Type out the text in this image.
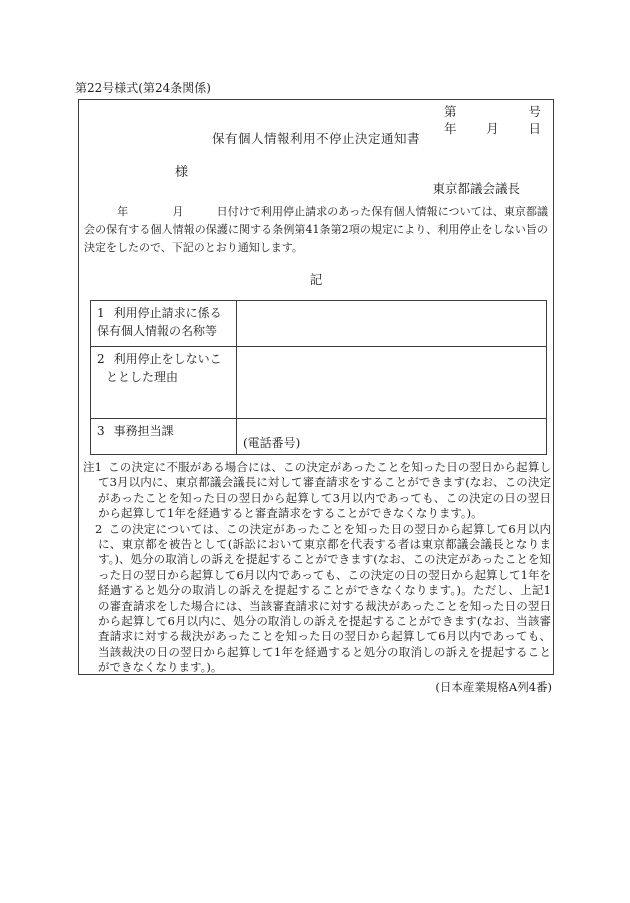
第22号様式(第24条関係)
第	号
年 月 日
保有個人情報利用不停止決定通知書
様
東京都議会議長
　　　年　　　　月　　　日付けで利用停止請求のあった保有個人情報については、東京都議会の保有する個人情報の保護に関する条例第41条第2項の規定により、利用停止をしない旨の決定をしたので、下記のとおり通知します。
記
1 利用停止請求に係る
保有個人情報の名称等	

2 利用停止をしないこ
ととした理由	

3 事務担当課	(電話番号)
注1 この決定に不服がある場合には、この決定があったことを知った日の翌日から起算して3月以内に、東京都議会議長に対して審査請求をすることができます(なお、この決定があったことを知った日の翌日から起算して3月以内であっても、この決定の日の翌日から起算して1年を経過すると審査請求をすることができなくなります。)。
2 この決定については、この決定があったことを知った日の翌日から起算して6月以内に、東京都を被告として(訴訟において東京都を代表する者は東京都議会議長となります。)、処分の取消しの訴えを提起することができます(なお、この決定があったことを知った日の翌日から起算して6月以内であっても、この決定の日の翌日から起算して1年を経過すると処分の取消しの訴えを提起することができなくなります。)。ただし、上記1の審査請求をした場合には、当該審査請求に対する裁決があったことを知った日の翌日から起算して6月以内に、処分の取消しの訴えを提起することができます(なお、当該審査請求に対する裁決があったことを知った日の翌日から起算して6月以内であっても、当該裁決の日の翌日から起算して1年を経過すると処分の取消しの訴えを提起することができなくなります。)。
(日本産業規格A列4番)
